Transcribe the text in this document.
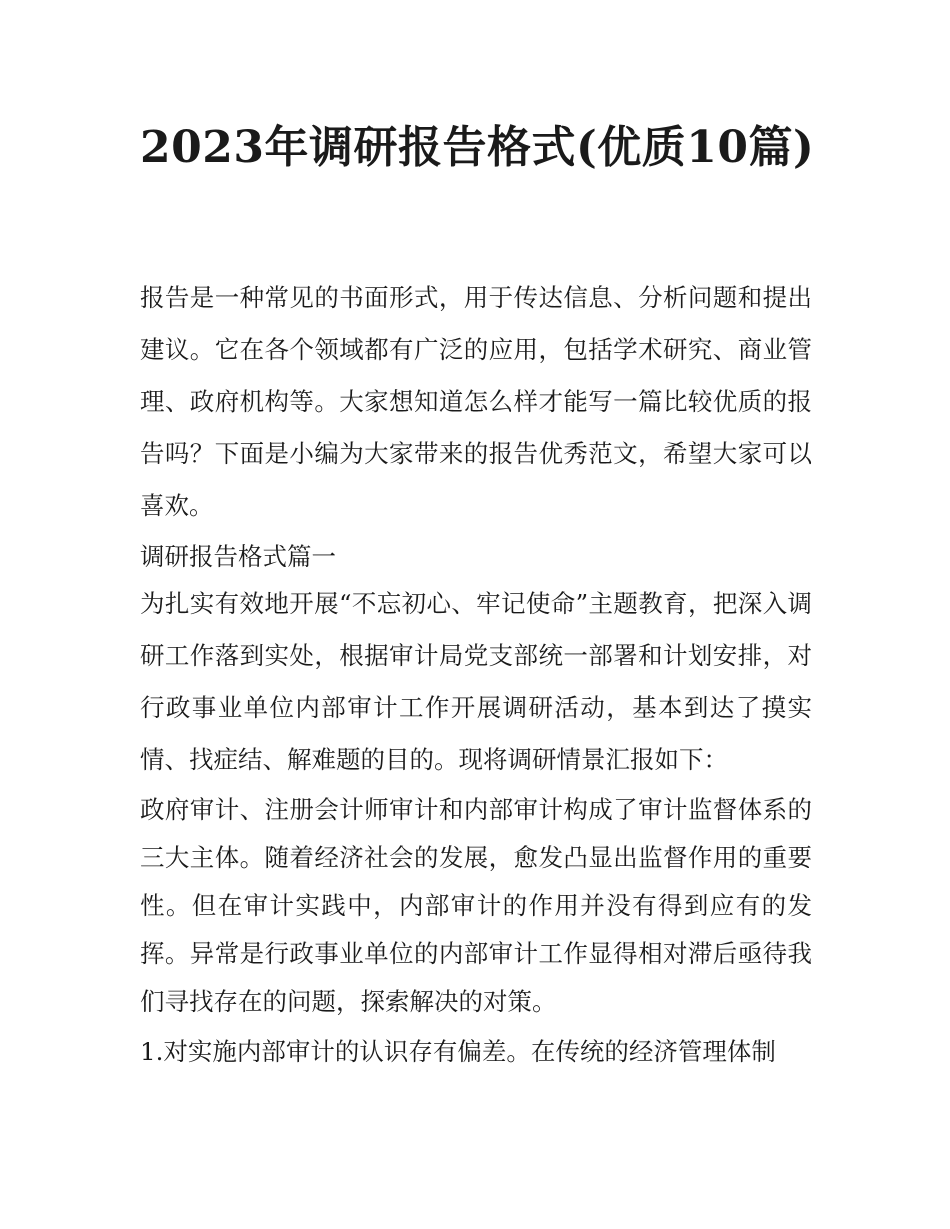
2023年调研报告格式(优质10篇)

报告是一种常见的书面形式，用于传达信息、分析问题和提出建议。它在各个领域都有广泛的应用，包括学术研究、商业管理、政府机构等。大家想知道怎么样才能写一篇比较优质的报告吗？下面是小编为大家带来的报告优秀范文，希望大家可以喜欢。

调研报告格式篇一

为扎实有效地开展“不忘初心、牢记使命”主题教育，把深入调研工作落到实处，根据审计局党支部统一部署和计划安排，对行政事业单位内部审计工作开展调研活动，基本到达了摸实情、找症结、解难题的目的。现将调研情景汇报如下：

政府审计、注册会计师审计和内部审计构成了审计监督体系的三大主体。随着经济社会的发展，愈发凸显出监督作用的重要性。但在审计实践中，内部审计的作用并没有得到应有的发挥。异常是行政事业单位的内部审计工作显得相对滞后亟待我们寻找存在的问题，探索解决的对策。

1.对实施内部审计的认识存有偏差。在传统的经济管理体制
